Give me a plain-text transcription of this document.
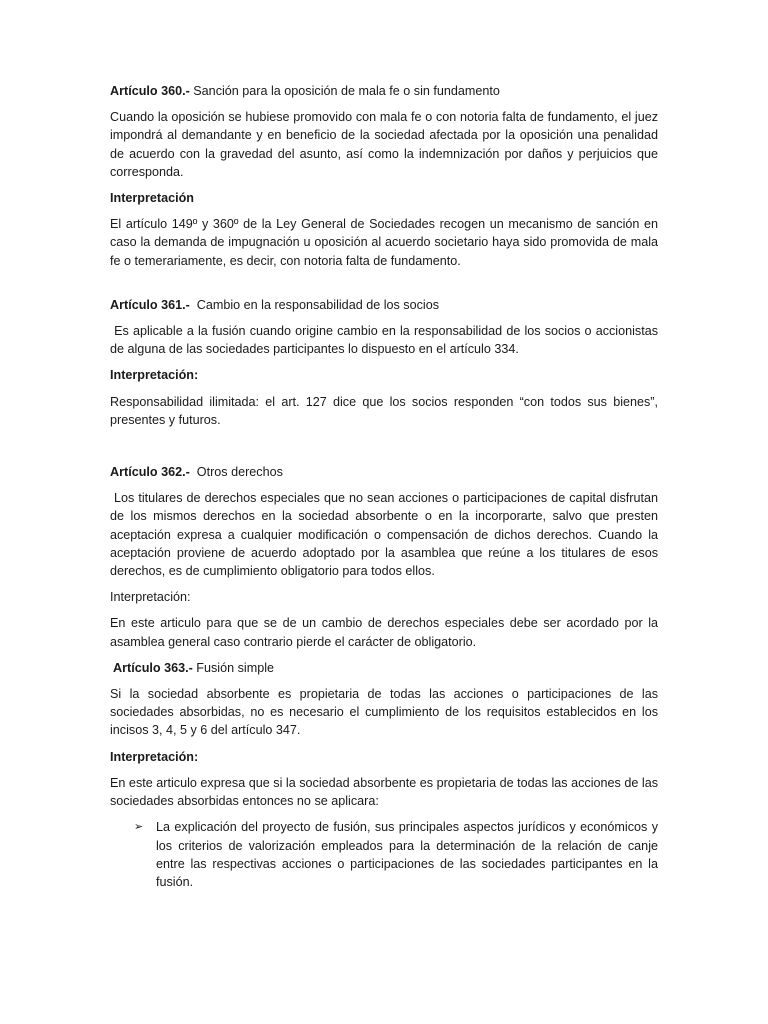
Artículo 360.- Sanción para la oposición de mala fe o sin fundamento

Cuando la oposición se hubiese promovido con mala fe o con notoria falta de fundamento, el juez impondrá al demandante y en beneficio de la sociedad afectada por la oposición una penalidad de acuerdo con la gravedad del asunto, así como la indemnización por daños y perjuicios que corresponda.

Interpretación

El artículo 149º y 360º de la Ley General de Sociedades recogen un mecanismo de sanción en caso la demanda de impugnación u oposición al acuerdo societario haya sido promovida de mala fe o temerariamente, es decir, con notoria falta de fundamento.

Artículo 361.-  Cambio en la responsabilidad de los socios

Es aplicable a la fusión cuando origine cambio en la responsabilidad de los socios o accionistas de alguna de las sociedades participantes lo dispuesto en el artículo 334.

Interpretación:

Responsabilidad ilimitada: el art. 127 dice que los socios responden “con todos sus bienes”, presentes y futuros.

Artículo 362.-  Otros derechos

Los titulares de derechos especiales que no sean acciones o participaciones de capital disfrutan de los mismos derechos en la sociedad absorbente o en la incorporarte, salvo que presten aceptación expresa a cualquier modificación o compensación de dichos derechos. Cuando la aceptación proviene de acuerdo adoptado por la asamblea que reúne a los titulares de esos derechos, es de cumplimiento obligatorio para todos ellos.

Interpretación:

En este articulo para que se de un cambio de derechos especiales debe ser acordado por la asamblea general caso contrario pierde el carácter de obligatorio.

Artículo 363.- Fusión simple

Si la sociedad absorbente es propietaria de todas las acciones o participaciones de las sociedades absorbidas, no es necesario el cumplimiento de los requisitos establecidos en los incisos 3, 4, 5 y 6 del artículo 347.

Interpretación:

En este articulo expresa que si la sociedad absorbente es propietaria de todas las acciones de las sociedades absorbidas entonces no se aplicara:

➢	La explicación del proyecto de fusión, sus principales aspectos jurídicos y económicos y los criterios de valorización empleados para la determinación de la relación de canje entre las respectivas acciones o participaciones de las sociedades participantes en la fusión.
